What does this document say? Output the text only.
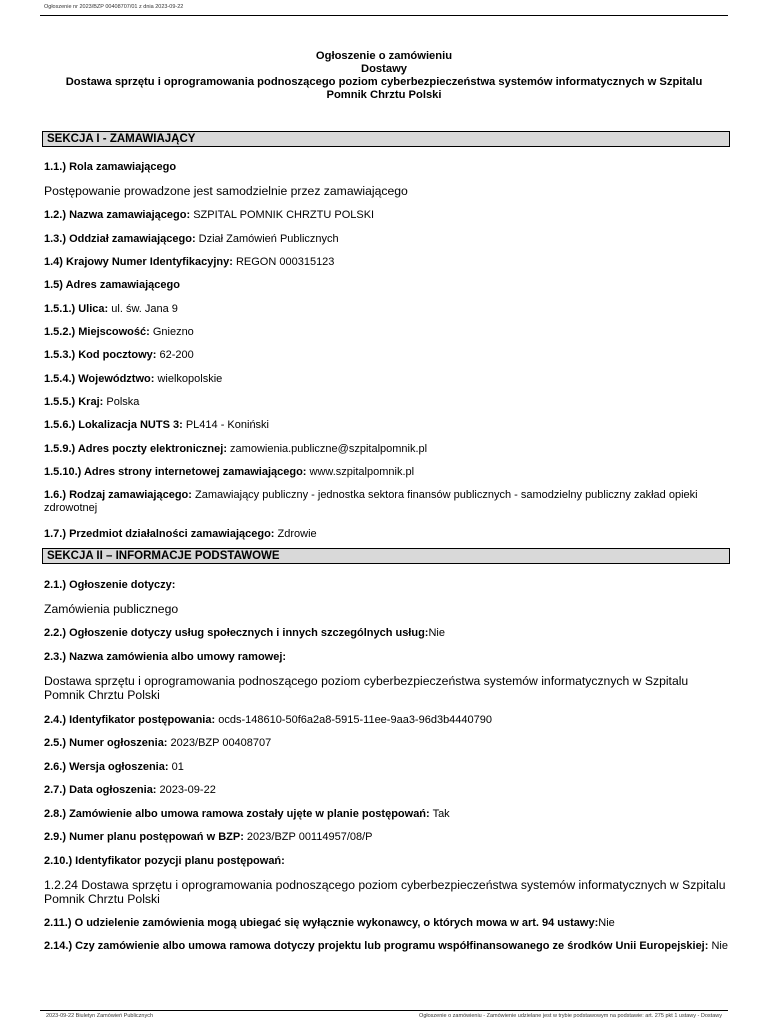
Ogłoszenie nr 2023/BZP 00408707/01 z dnia 2023-09-22
Ogłoszenie o zamówieniu
Dostawy
Dostawa sprzętu i oprogramowania podnoszącego poziom cyberbezpieczeństwa systemów informatycznych w Szpitalu
Pomnik Chrztu Polski
SEKCJA I - ZAMAWIAJĄCY
1.1.) Rola zamawiającego
Postępowanie prowadzone jest samodzielnie przez zamawiającego
1.2.) Nazwa zamawiającego: SZPITAL POMNIK CHRZTU POLSKI
1.3.) Oddział zamawiającego: Dział Zamówień Publicznych
1.4) Krajowy Numer Identyfikacyjny: REGON 000315123
1.5) Adres zamawiającego
1.5.1.) Ulica: ul. św. Jana 9
1.5.2.) Miejscowość: Gniezno
1.5.3.) Kod pocztowy: 62-200
1.5.4.) Województwo: wielkopolskie
1.5.5.) Kraj: Polska
1.5.6.) Lokalizacja NUTS 3: PL414 - Koniński
1.5.9.) Adres poczty elektronicznej: zamowienia.publiczne@szpitalpomnik.pl
1.5.10.) Adres strony internetowej zamawiającego: www.szpitalpomnik.pl
1.6.) Rodzaj zamawiającego: Zamawiający publiczny - jednostka sektora finansów publicznych - samodzielny publiczny zakład opieki zdrowotnej
1.7.) Przedmiot działalności zamawiającego: Zdrowie
SEKCJA II – INFORMACJE PODSTAWOWE
2.1.) Ogłoszenie dotyczy:
Zamówienia publicznego
2.2.) Ogłoszenie dotyczy usług społecznych i innych szczególnych usług:Nie
2.3.) Nazwa zamówienia albo umowy ramowej:
Dostawa sprzętu i oprogramowania podnoszącego poziom cyberbezpieczeństwa systemów informatycznych w Szpitalu Pomnik Chrztu Polski
2.4.) Identyfikator postępowania: ocds-148610-50f6a2a8-5915-11ee-9aa3-96d3b4440790
2.5.) Numer ogłoszenia: 2023/BZP 00408707
2.6.) Wersja ogłoszenia: 01
2.7.) Data ogłoszenia: 2023-09-22
2.8.) Zamówienie albo umowa ramowa zostały ujęte w planie postępowań: Tak
2.9.) Numer planu postępowań w BZP: 2023/BZP 00114957/08/P
2.10.) Identyfikator pozycji planu postępowań:
1.2.24 Dostawa sprzętu i oprogramowania podnoszącego poziom cyberbezpieczeństwa systemów informatycznych w Szpitalu Pomnik Chrztu Polski
2.11.) O udzielenie zamówienia mogą ubiegać się wyłącznie wykonawcy, o których mowa w art. 94 ustawy:Nie
2.14.) Czy zamówienie albo umowa ramowa dotyczy projektu lub programu współfinansowanego ze środków Unii Europejskiej: Nie
2023-09-22 Biuletyn Zamówień Publicznych	Ogłoszenie o zamówieniu - Zamówienie udzielane jest w trybie podstawowym na podstawie: art. 275 pkt 1 ustawy - Dostawy
